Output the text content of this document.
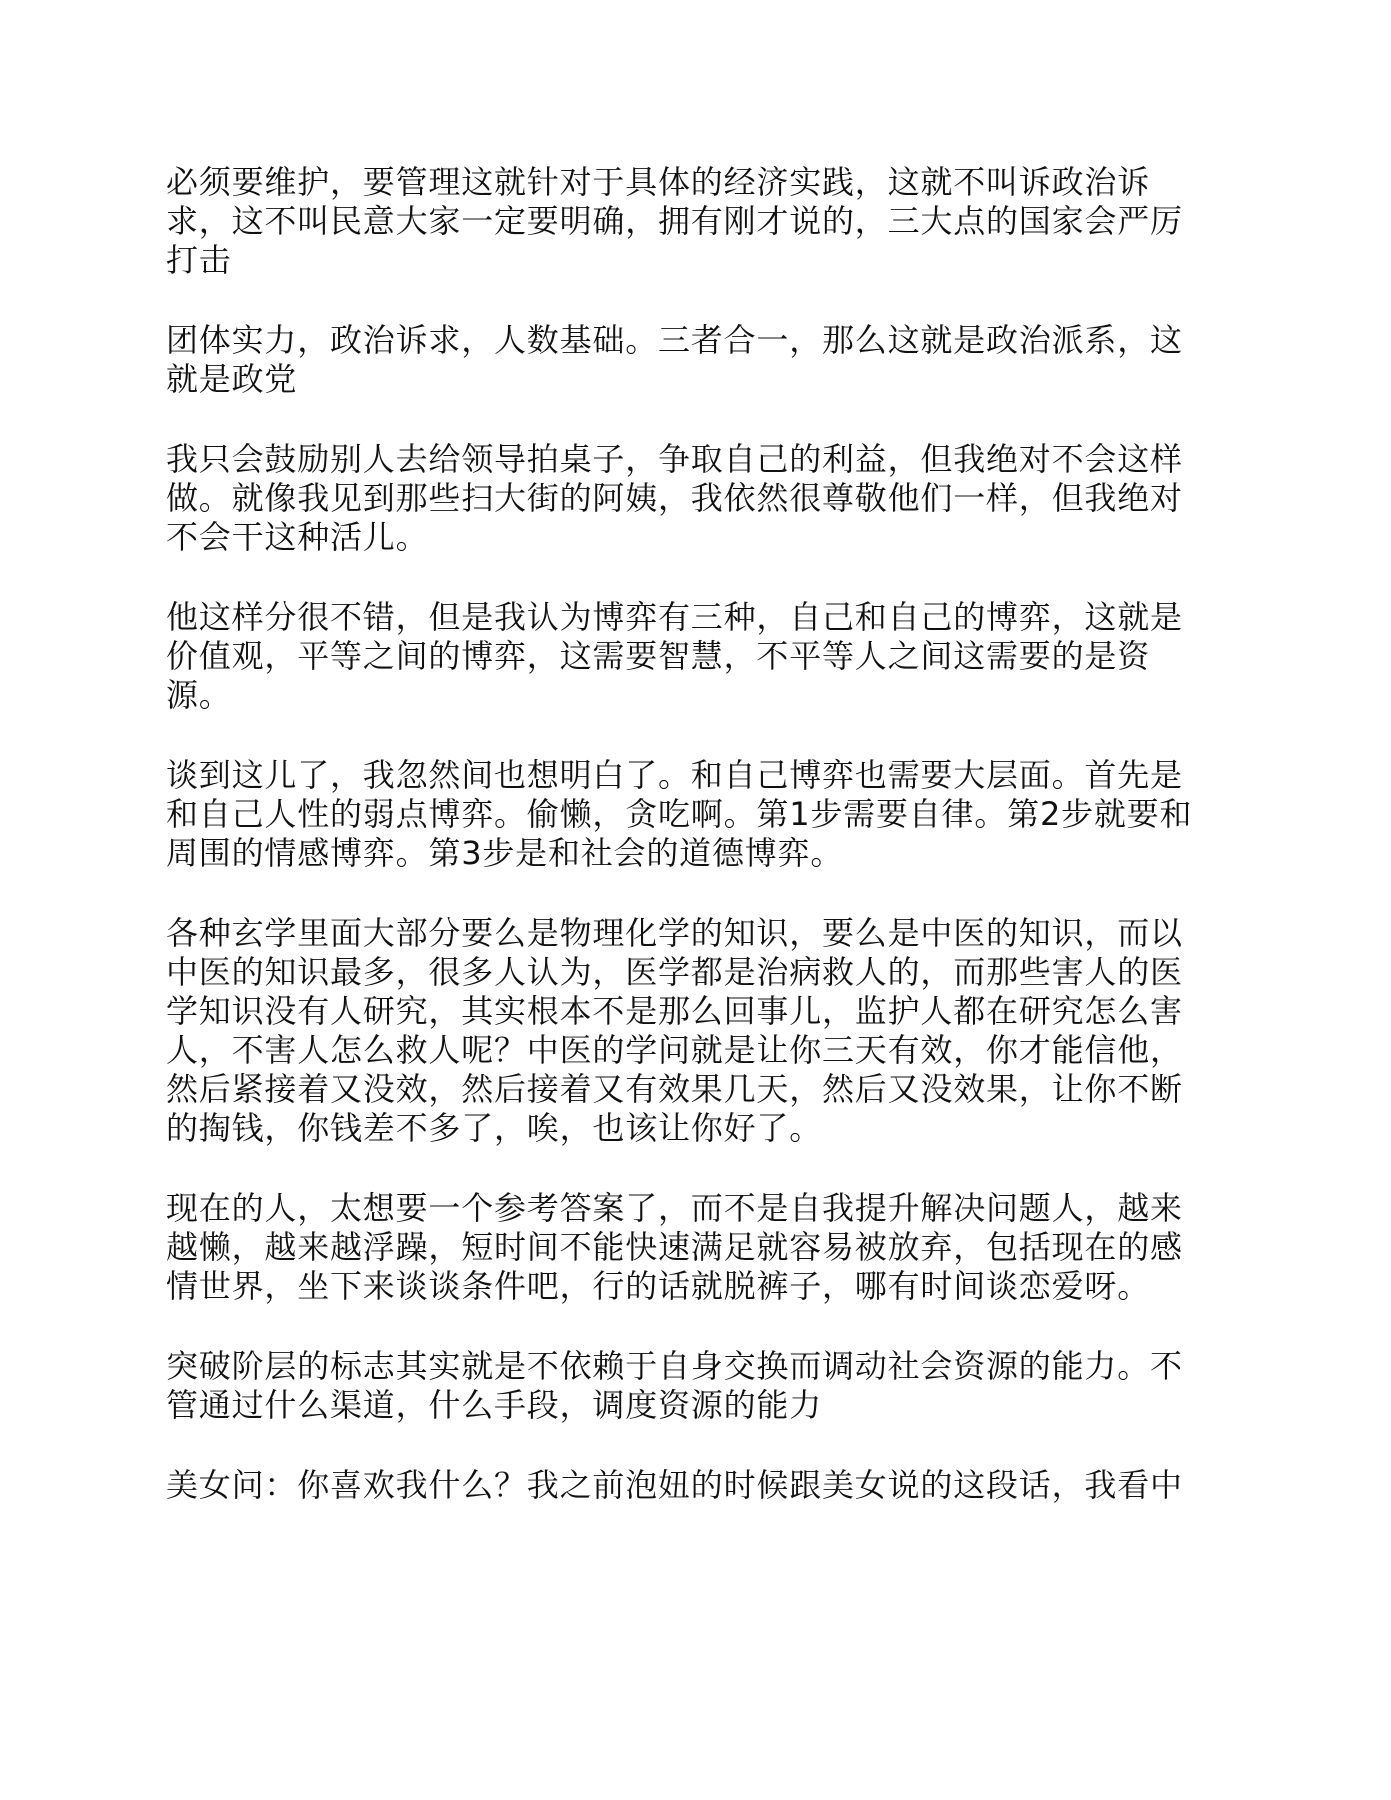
必须要维护，要管理这就针对于具体的经济实践，这就不叫诉政治诉
求，这不叫民意大家一定要明确，拥有刚才说的，三大点的国家会严厉
打击

团体实力，政治诉求，人数基础。三者合一，那么这就是政治派系，这
就是政党

我只会鼓励别人去给领导拍桌子，争取自己的利益，但我绝对不会这样
做。就像我见到那些扫大街的阿姨，我依然很尊敬他们一样，但我绝对
不会干这种活儿。

他这样分很不错，但是我认为博弈有三种，自己和自己的博弈，这就是
价值观，平等之间的博弈，这需要智慧，不平等人之间这需要的是资
源。

谈到这儿了，我忽然间也想明白了。和自己博弈也需要大层面。首先是
和自己人性的弱点博弈。偷懒，贪吃啊。第1步需要自律。第2步就要和
周围的情感博弈。第3步是和社会的道德博弈。

各种玄学里面大部分要么是物理化学的知识，要么是中医的知识，而以
中医的知识最多，很多人认为，医学都是治病救人的，而那些害人的医
学知识没有人研究，其实根本不是那么回事儿，监护人都在研究怎么害
人，不害人怎么救人呢？中医的学问就是让你三天有效，你才能信他，
然后紧接着又没效，然后接着又有效果几天，然后又没效果，让你不断
的掏钱，你钱差不多了，唉，也该让你好了。

现在的人，太想要一个参考答案了，而不是自我提升解决问题人，越来
越懒，越来越浮躁，短时间不能快速满足就容易被放弃，包括现在的感
情世界，坐下来谈谈条件吧，行的话就脱裤子，哪有时间谈恋爱呀。

突破阶层的标志其实就是不依赖于自身交换而调动社会资源的能力。不
管通过什么渠道，什么手段，调度资源的能力

美女问：你喜欢我什么？我之前泡妞的时候跟美女说的这段话，我看中
